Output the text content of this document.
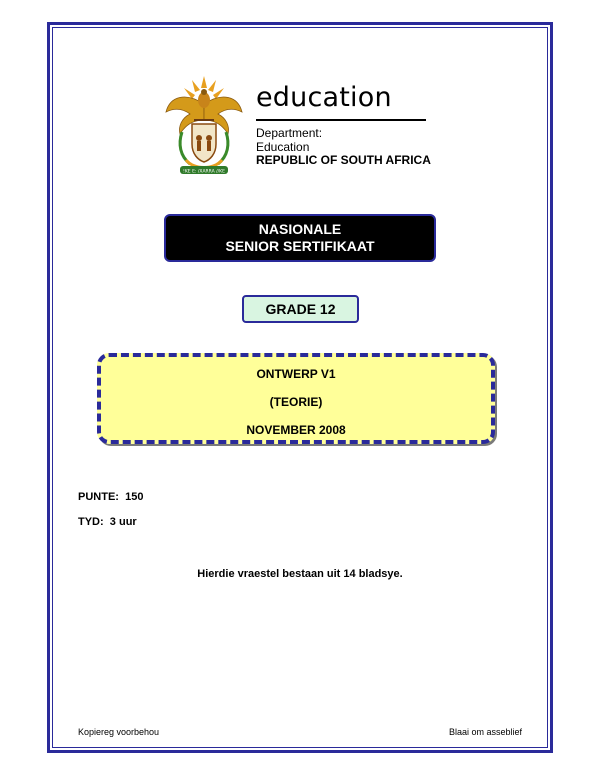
!KE E: /XARRA //KE
education
Department:
Education
REPUBLIC OF SOUTH AFRICA
NASIONALE
SENIOR SERTIFIKAAT
GRADE 12
ONTWERP V1
(TEORIE)
NOVEMBER 2008
PUNTE: 150
TYD: 3 uur
Hierdie vraestel bestaan uit 14 bladsye.
Kopiereg voorbehou	Blaai om asseblief
